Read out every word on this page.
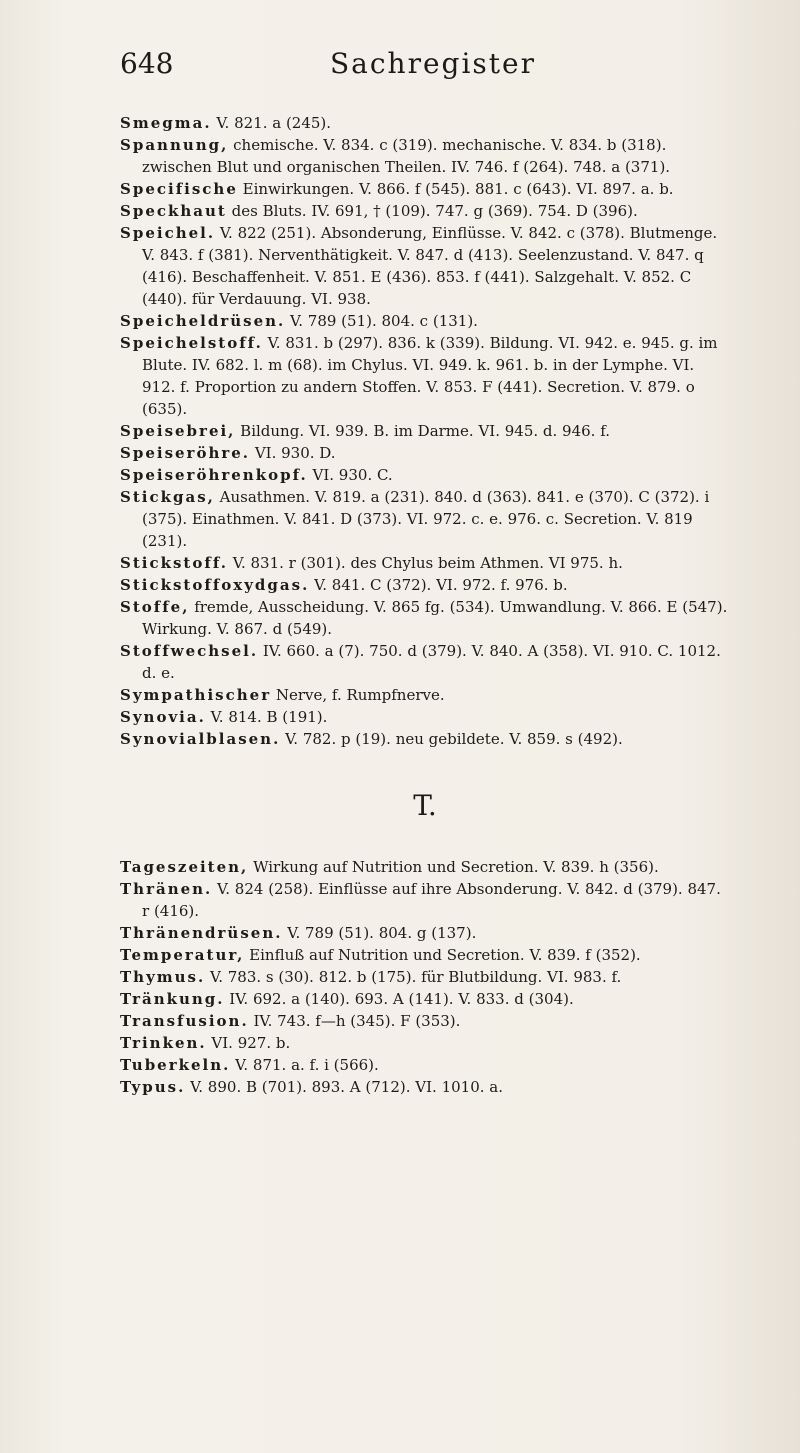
648	Sachregister

Smegma. V. 821. a (245).

Spannung, chemische. V. 834. c (319). mechanische. V. 834. b (318). zwischen Blut und organischen Theilen. IV. 746. f (264). 748. a (371).

Specifische Einwirkungen. V. 866. f (545). 881. c (643). VI. 897. a. b.

Speckhaut des Bluts. IV. 691, † (109). 747. g (369). 754. D (396).

Speichel. V. 822 (251). Absonderung, Einflüsse. V. 842. c (378). Blutmenge. V. 843. f (381). Nerventhätigkeit. V. 847. d (413). Seelenzustand. V. 847. q (416). Beschaffenheit. V. 851. E (436). 853. f (441). Salzgehalt. V. 852. C (440). für Verdauung. VI. 938.

Speicheldrüsen. V. 789 (51). 804. c (131).

Speichelstoff. V. 831. b (297). 836. k (339). Bildung. VI. 942. e. 945. g. im Blute. IV. 682. l. m (68). im Chylus. VI. 949. k. 961. b. in der Lymphe. VI. 912. f. Proportion zu andern Stoffen. V. 853. F (441). Secretion. V. 879. o (635).

Speisebrei, Bildung. VI. 939. B. im Darme. VI. 945. d. 946. f.

Speiseröhre. VI. 930. D.

Speiseröhrenkopf. VI. 930. C.

Stickgas, Ausathmen. V. 819. a (231). 840. d (363). 841. e (370). C (372). i (375). Einathmen. V. 841. D (373). VI. 972. c. e. 976. c. Secretion. V. 819 (231).

Stickstoff. V. 831. r (301). des Chylus beim Athmen. VI 975. h.

Stickstoffoxydgas. V. 841. C (372). VI. 972. f. 976. b.

Stoffe, fremde, Ausscheidung. V. 865 fg. (534). Umwandlung. V. 866. E (547). Wirkung. V. 867. d (549).

Stoffwechsel. IV. 660. a (7). 750. d (379). V. 840. A (358). VI. 910. C. 1012. d. e.

Sympathischer Nerve, f. Rumpfnerve.

Synovia. V. 814. B (191).

Synovialblasen. V. 782. p (19). neu gebildete. V. 859. s (492).

T.

Tageszeiten, Wirkung auf Nutrition und Secretion. V. 839. h (356).

Thränen. V. 824 (258). Einflüsse auf ihre Absonderung. V. 842. d (379). 847. r (416).

Thränendrüsen. V. 789 (51). 804. g (137).

Temperatur, Einfluß auf Nutrition und Secretion. V. 839. f (352).

Thymus. V. 783. s (30). 812. b (175). für Blutbildung. VI. 983. f.

Tränkung. IV. 692. a (140). 693. A (141). V. 833. d (304).

Transfusion. IV. 743. f—h (345). F (353).

Trinken. VI. 927. b.

Tuberkeln. V. 871. a. f. i (566).

Typus. V. 890. B (701). 893. A (712). VI. 1010. a.
